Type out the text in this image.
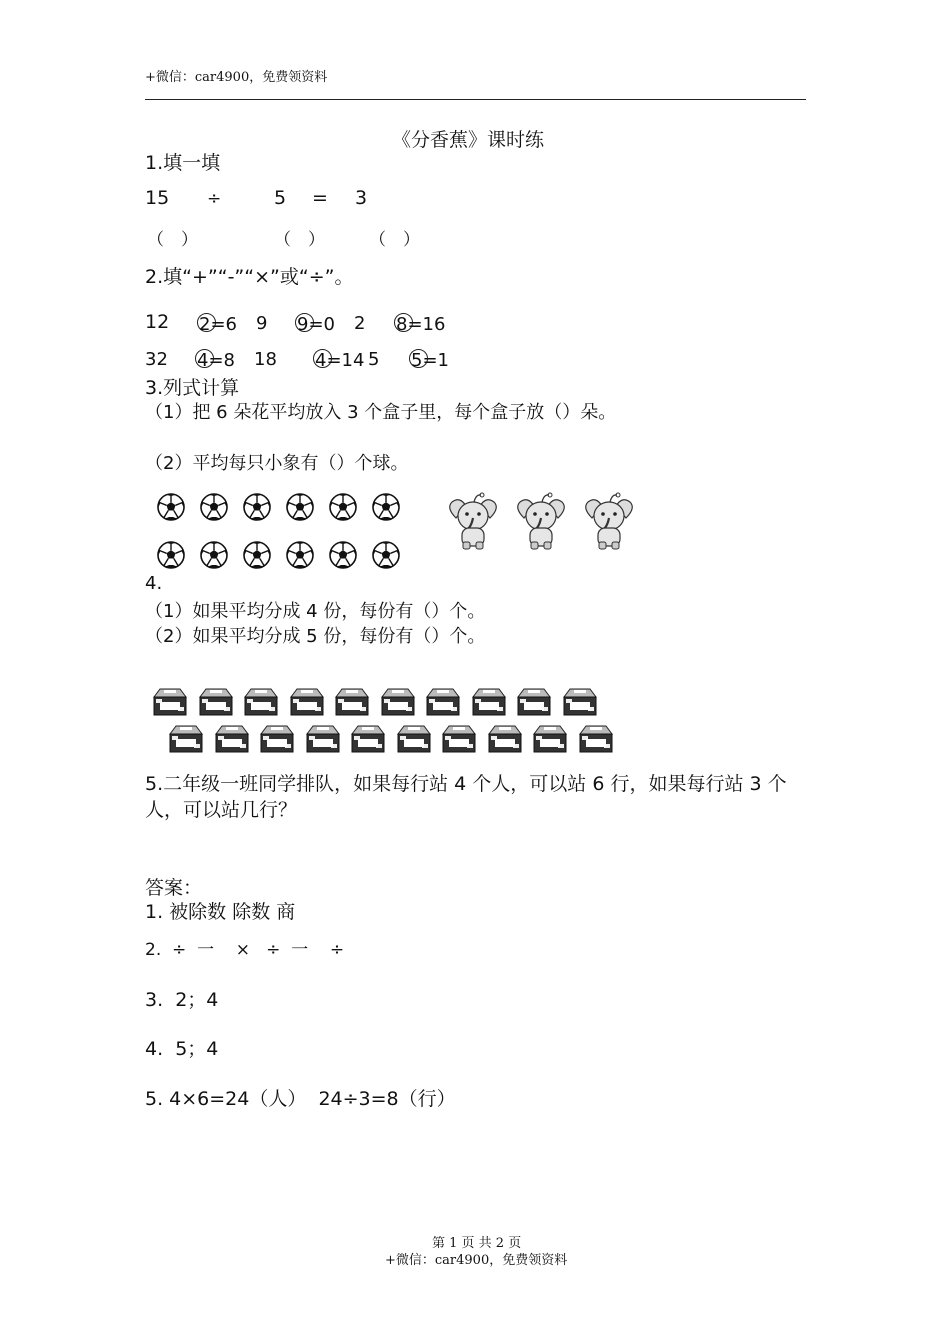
+微信：car4900，免费领资料
《分香蕉》课时练
1.填一填
15 ÷	5 = 3
（　）	（　）	（　）
2.填“+”“-”“×”或“÷”。
12	2=6 9	9=0 2	8=16
32	4=8 18	4=14 5	5=1
3.列式计算
（1）把 6 朵花平均放入 3 个盒子里，每个盒子放（）朵。
（2）平均每只小象有（）个球。
4.
（1）如果平均分成 4 份，每份有（）个。
（2）如果平均分成 5 份，每份有（）个。
5.二年级一班同学排队，如果每行站 4 个人，可以站 6 行，如果每行站 3 个人，可以站几行？
答案：
1. 被除数 除数 商
2.  ÷  一    ×   ÷  一    ÷
3.  2；4
4.  5；4
5. 4×6=24（人）  24÷3=8（行）
第 1 页 共 2 页
+微信：car4900，免费领资料
